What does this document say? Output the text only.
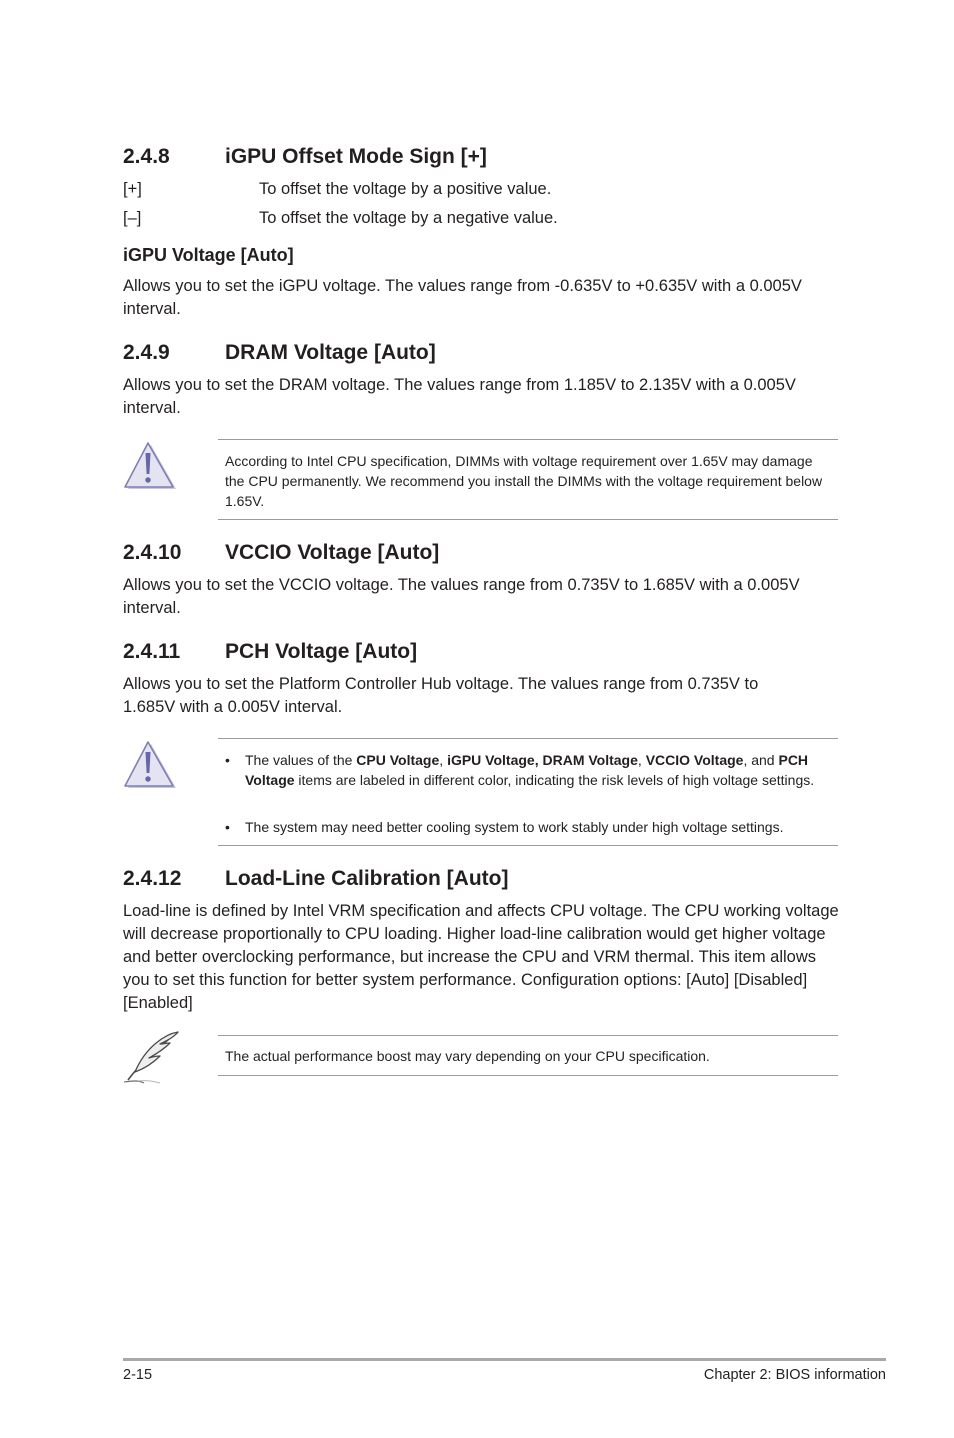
2.4.8	iGPU Offset Mode Sign [+]
[+]	To offset the voltage by a positive value.
[–]	To offset the voltage by a negative value.
iGPU Voltage [Auto]
Allows you to set the iGPU voltage. The values range from -0.635V to +0.635V with a 0.005V interval.
2.4.9	DRAM Voltage [Auto]
Allows you to set the DRAM voltage. The values range from 1.185V to 2.135V with a 0.005V interval.
According to Intel CPU specification, DIMMs with voltage requirement over 1.65V may damage the CPU permanently. We recommend you install the DIMMs with the voltage requirement below 1.65V.
2.4.10 VCCIO Voltage [Auto]
Allows you to set the VCCIO voltage. The values range from 0.735V to 1.685V with a 0.005V interval.
2.4.11 PCH Voltage [Auto]
Allows you to set the Platform Controller Hub voltage. The values range from 0.735V to 1.685V with a 0.005V interval.
• The values of the CPU Voltage, iGPU Voltage, DRAM Voltage, VCCIO Voltage, and PCH Voltage items are labeled in different color, indicating the risk levels of high voltage settings.
• The system may need better cooling system to work stably under high voltage settings.
2.4.12 Load-Line Calibration [Auto]
Load-line is defined by Intel VRM specification and affects CPU voltage. The CPU working voltage will decrease proportionally to CPU loading. Higher load-line calibration would get higher voltage and better overclocking performance, but increase the CPU and VRM thermal. This item allows you to set this function for better system performance. Configuration options: [Auto] [Disabled] [Enabled]
The actual performance boost may vary depending on your CPU specification.
2-15	Chapter 2: BIOS information
